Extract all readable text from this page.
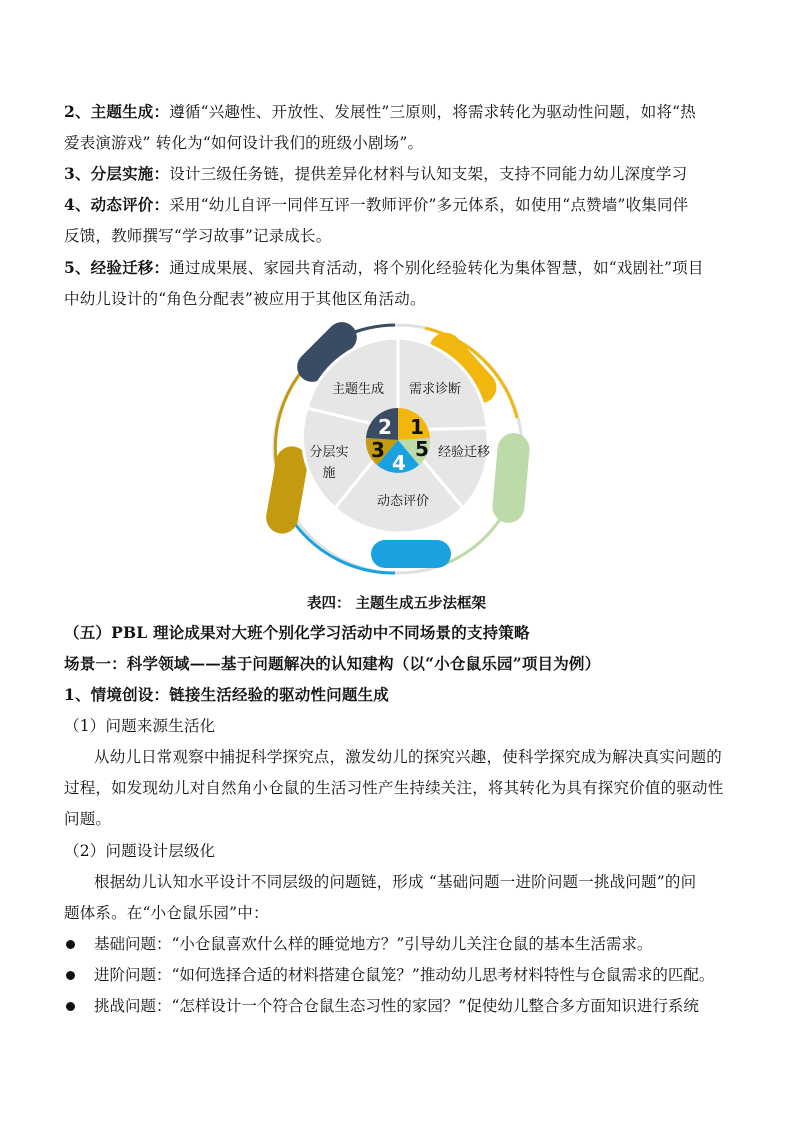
2、主题生成：遵循“兴趣性、开放性、发展性”三原则，将需求转化为驱动性问题，如将“热
爱表演游戏” 转化为“如何设计我们的班级小剧场”。
3、分层实施：设计三级任务链，提供差异化材料与认知支架，支持不同能力幼儿深度学习
4、动态评价：采用“幼儿自评一同伴互评一教师评价”多元体系，如使用“点赞墙”收集同伴
反馈，教师撰写“学习故事”记录成长。
5、经验迁移：通过成果展、家园共育活动，将个别化经验转化为集体智慧，如“戏剧社”项目
中幼儿设计的“角色分配表”被应用于其他区角活动。
1
2
3
4
5
需求诊断
主题生成
分层实
施
动态评价
经验迁移
表四： 主题生成五步法框架
（五）PBL 理论成果对大班个别化学习活动中不同场景的支持策略
场景一：科学领域——基于问题解决的认知建构（以“小仓鼠乐园”项目为例）
1、情境创设：链接生活经验的驱动性问题生成
（1）问题来源生活化
从幼儿日常观察中捕捉科学探究点，激发幼儿的探究兴趣，使科学探究成为解决真实问题的
过程，如发现幼儿对自然角小仓鼠的生活习性产生持续关注，将其转化为具有探究价值的驱动性
问题。
（2）问题设计层级化
根据幼儿认知水平设计不同层级的问题链，形成 “基础问题一进阶问题一挑战问题”的问
题体系。在“小仓鼠乐园”中：
基础问题：“小仓鼠喜欢什么样的睡觉地方？”引导幼儿关注仓鼠的基本生活需求。
进阶问题：“如何选择合适的材料搭建仓鼠笼？”推动幼儿思考材料特性与仓鼠需求的匹配。
挑战问题：“怎样设计一个符合仓鼠生态习性的家园？”促使幼儿整合多方面知识进行系统
